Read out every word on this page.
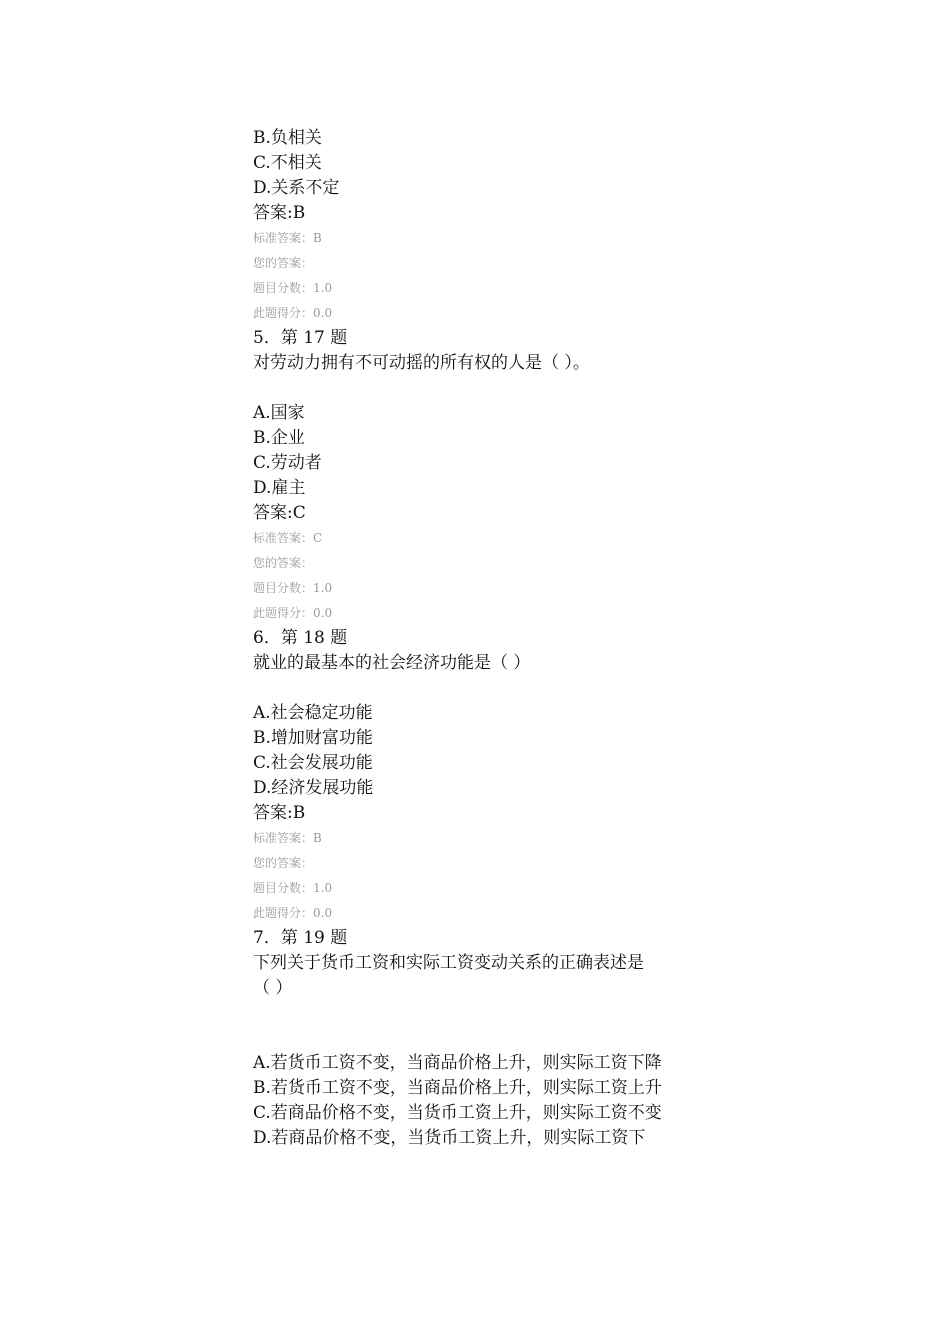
B.负相关
C.不相关
D.关系不定
答案:B
标准答案：B
您的答案：
题目分数：1.0
此题得分：0.0
5．第 17 题
对劳动力拥有不可动摇的所有权的人是（ ）。
A.国家
B.企业
C.劳动者
D.雇主
答案:C
标准答案：C
您的答案：
题目分数：1.0
此题得分：0.0
6．第 18 题
就业的最基本的社会经济功能是（ ）
A.社会稳定功能
B.增加财富功能
C.社会发展功能
D.经济发展功能
答案:B
标准答案：B
您的答案：
题目分数：1.0
此题得分：0.0
7．第 19 题
下列关于货币工资和实际工资变动关系的正确表述是
（ ）
A.若货币工资不变，当商品价格上升，则实际工资下降
B.若货币工资不变，当商品价格上升，则实际工资上升
C.若商品价格不变，当货币工资上升，则实际工资不变
D.若商品价格不变，当货币工资上升，则实际工资下
